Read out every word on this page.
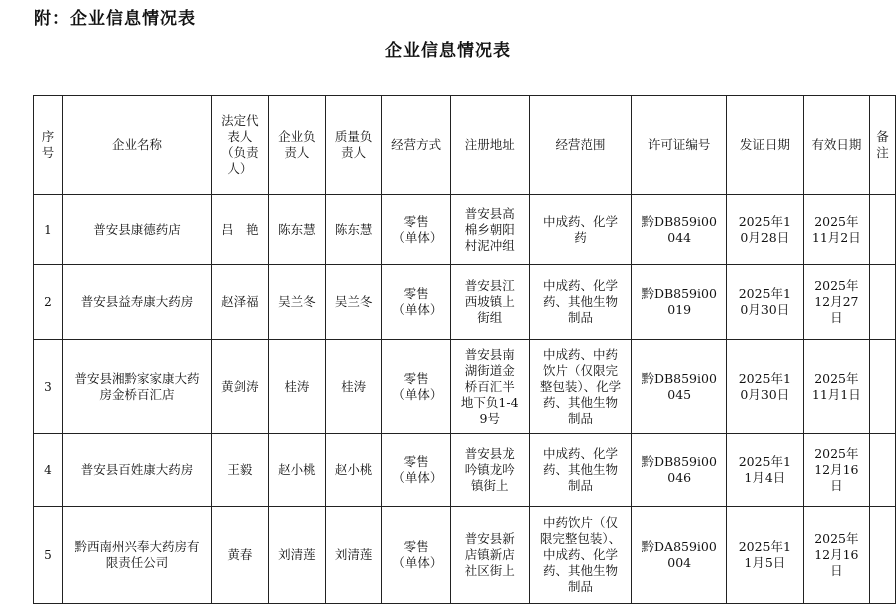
附：企业信息情况表
企业信息情况表
序号	企业名称	法定代表人（负责人）	企业负责人	质量负责人	经营方式	注册地址	经营范围	许可证编号	发证日期	有效日期	备注
1	普安县康德药店	吕　艳	陈东慧	陈东慧	零售（单体）	普安县高棉乡朝阳村泥冲组	中成药、化学药	黔DB859i00044	2025年10月28日	2025年11月2日	
2	普安县益寿康大药房	赵泽福	吴兰冬	吴兰冬	零售（单体）	普安县江西坡镇上街组	中成药、化学药、其他生物制品	黔DB859i00019	2025年10月30日	2025年12月27日	
3	普安县湘黔家家康大药房金桥百汇店	黄剑涛	桂涛	桂涛	零售（单体）	普安县南湖街道金桥百汇半地下负1-49号	中成药、中药饮片（仅限完整包装）、化学药、其他生物制品	黔DB859i00045	2025年10月30日	2025年11月1日	
4	普安县百姓康大药房	王毅	赵小桃	赵小桃	零售（单体）	普安县龙吟镇龙吟镇街上	中成药、化学药、其他生物制品	黔DB859i00046	2025年11月4日	2025年12月16日	
5	黔西南州兴奉大药房有限责任公司	黄春	刘清莲	刘清莲	零售（单体）	普安县新店镇新店社区街上	中药饮片（仅限完整包装）、中成药、化学药、其他生物制品	黔DA859i00004	2025年11月5日	2025年12月16日	
